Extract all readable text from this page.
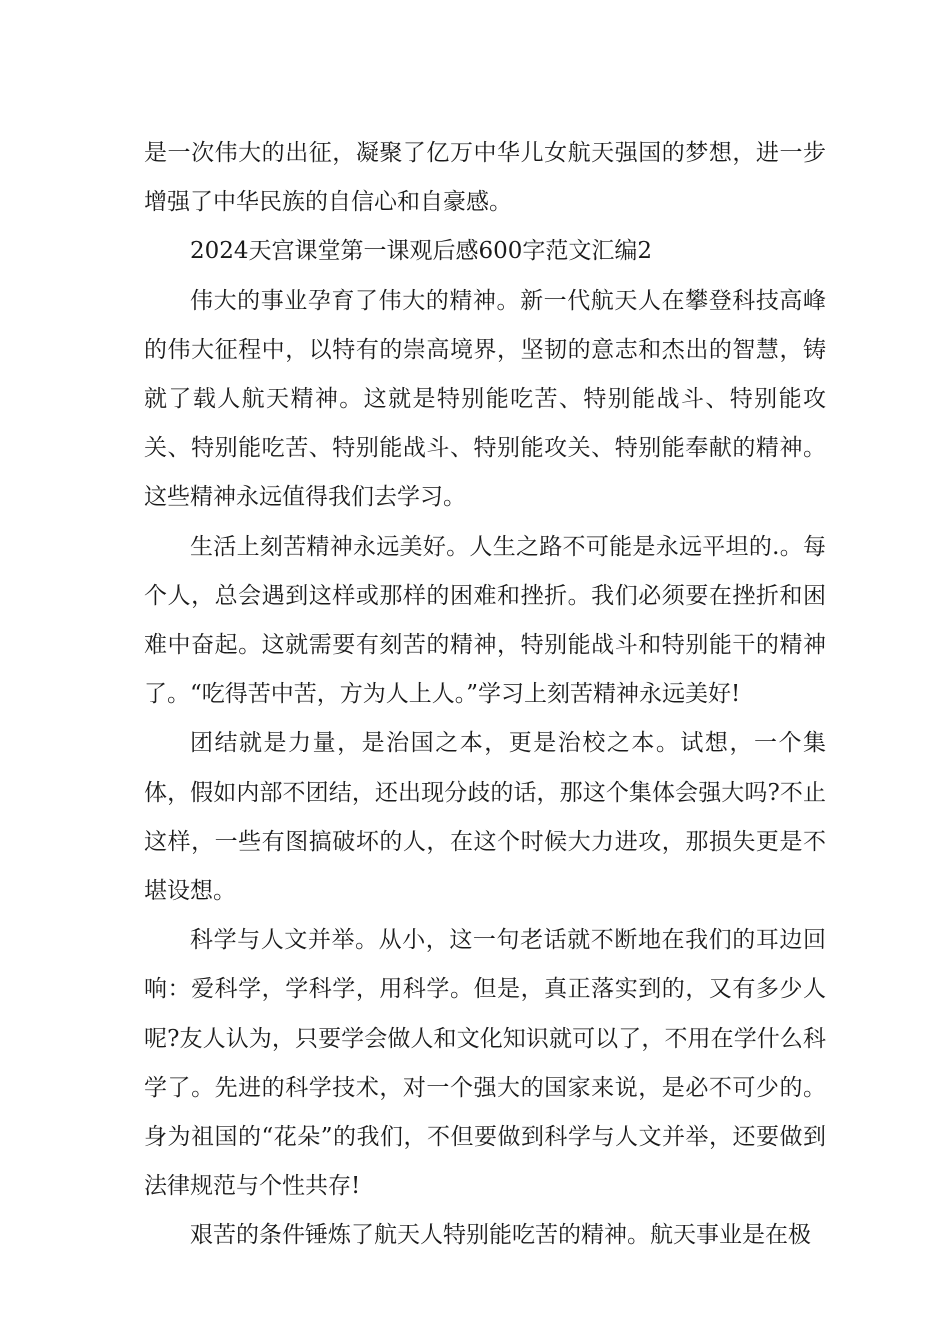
是一次伟大的出征，凝聚了亿万中华儿女航天强国的梦想，进一步增强了中华民族的自信心和自豪感。

2024天宫课堂第一课观后感600字范文汇编2

伟大的事业孕育了伟大的精神。新一代航天人在攀登科技高峰的伟大征程中，以特有的崇高境界，坚韧的意志和杰出的智慧，铸就了载人航天精神。这就是特别能吃苦、特别能战斗、特别能攻关、特别能吃苦、特别能战斗、特别能攻关、特别能奉献的精神。这些精神永远值得我们去学习。

生活上刻苦精神永远美好。人生之路不可能是永远平坦的.。每个人，总会遇到这样或那样的困难和挫折。我们必须要在挫折和困难中奋起。这就需要有刻苦的精神，特别能战斗和特别能干的精神了。“吃得苦中苦，方为人上人。”学习上刻苦精神永远美好!

团结就是力量，是治国之本，更是治校之本。试想，一个集体，假如内部不团结，还出现分歧的话，那这个集体会强大吗?不止这样，一些有图搞破坏的人，在这个时候大力进攻，那损失更是不堪设想。

科学与人文并举。从小，这一句老话就不断地在我们的耳边回响：爱科学，学科学，用科学。但是，真正落实到的，又有多少人呢?友人认为，只要学会做人和文化知识就可以了，不用在学什么科学了。先进的科学技术，对一个强大的国家来说，是必不可少的。身为祖国的“花朵”的我们，不但要做到科学与人文并举，还要做到法律规范与个性共存!

艰苦的条件锤炼了航天人特别能吃苦的精神。航天事业是在极
